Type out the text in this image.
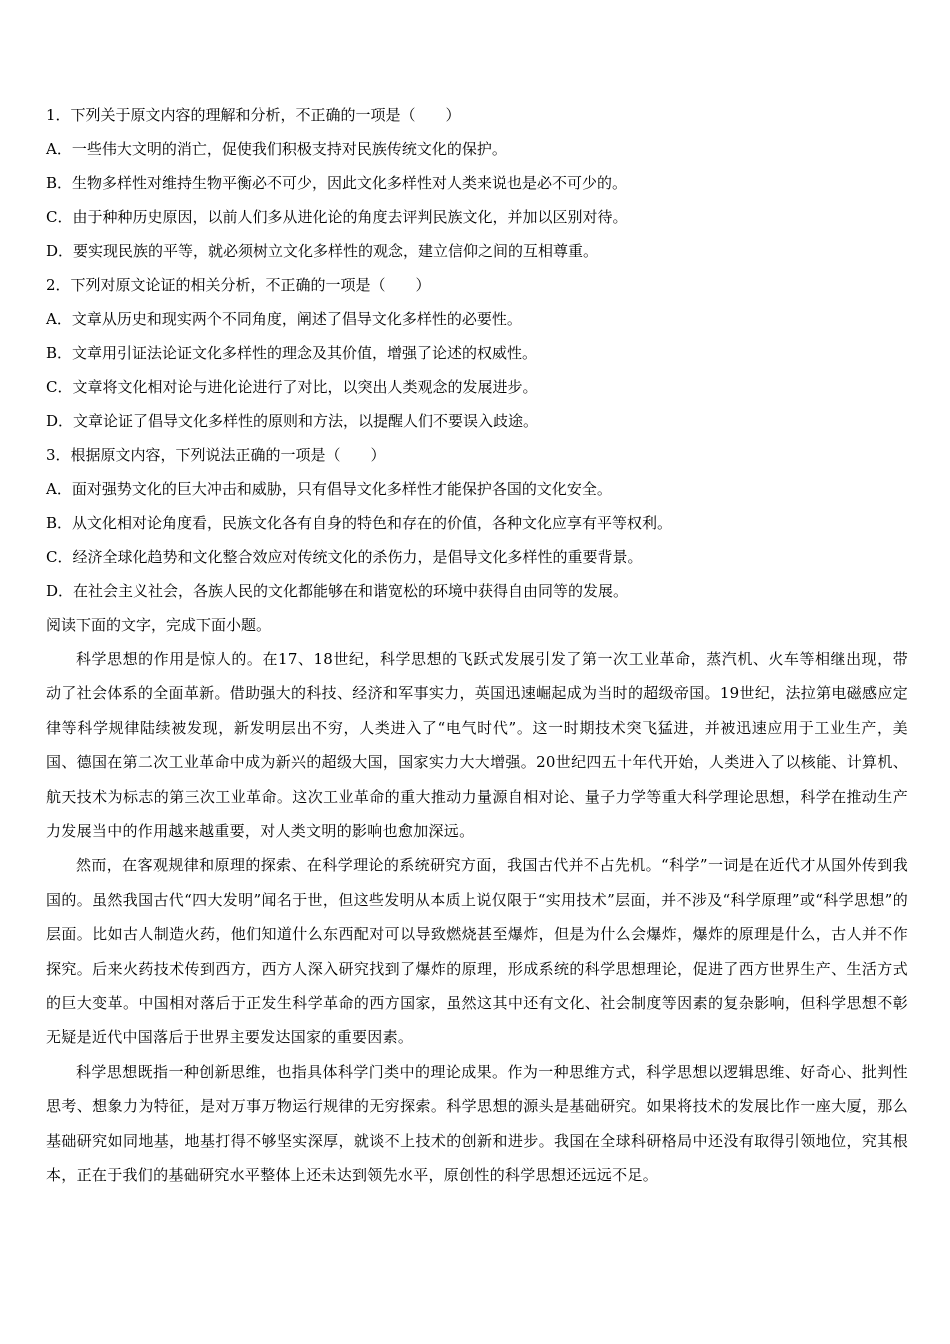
1．下列关于原文内容的理解和分析，不正确的一项是（　　）
A．一些伟大文明的消亡，促使我们积极支持对民族传统文化的保护。
B．生物多样性对维持生物平衡必不可少，因此文化多样性对人类来说也是必不可少的。
C．由于种种历史原因，以前人们多从进化论的角度去评判民族文化，并加以区别对待。
D．要实现民族的平等，就必须树立文化多样性的观念，建立信仰之间的互相尊重。
2．下列对原文论证的相关分析，不正确的一项是（　　）
A．文章从历史和现实两个不同角度，阐述了倡导文化多样性的必要性。
B．文章用引证法论证文化多样性的理念及其价值，增强了论述的权威性。
C．文章将文化相对论与进化论进行了对比，以突出人类观念的发展进步。
D．文章论证了倡导文化多样性的原则和方法，以提醒人们不要误入歧途。
3．根据原文内容，下列说法正确的一项是（　　）
A．面对强势文化的巨大冲击和威胁，只有倡导文化多样性才能保护各国的文化安全。
B．从文化相对论角度看，民族文化各有自身的特色和存在的价值，各种文化应享有平等权利。
C．经济全球化趋势和文化整合效应对传统文化的杀伤力，是倡导文化多样性的重要背景。
D．在社会主义社会，各族人民的文化都能够在和谐宽松的环境中获得自由同等的发展。
阅读下面的文字，完成下面小题。

科学思想的作用是惊人的。在17、18世纪，科学思想的飞跃式发展引发了第一次工业革命，蒸汽机、火车等相继出现，带动了社会体系的全面革新。借助强大的科技、经济和军事实力，英国迅速崛起成为当时的超级帝国。19世纪，法拉第电磁感应定律等科学规律陆续被发现，新发明层出不穷，人类进入了“电气时代”。这一时期技术突飞猛进，并被迅速应用于工业生产，美国、德国在第二次工业革命中成为新兴的超级大国，国家实力大大增强。20世纪四五十年代开始，人类进入了以核能、计算机、航天技术为标志的第三次工业革命。这次工业革命的重大推动力量源自相对论、量子力学等重大科学理论思想，科学在推动生产力发展当中的作用越来越重要，对人类文明的影响也愈加深远。

然而，在客观规律和原理的探索、在科学理论的系统研究方面，我国古代并不占先机。“科学”一词是在近代才从国外传到我国的。虽然我国古代“四大发明”闻名于世，但这些发明从本质上说仅限于“实用技术”层面，并不涉及“科学原理”或“科学思想”的层面。比如古人制造火药，他们知道什么东西配对可以导致燃烧甚至爆炸，但是为什么会爆炸，爆炸的原理是什么，古人并不作探究。后来火药技术传到西方，西方人深入研究找到了爆炸的原理，形成系统的科学思想理论，促进了西方世界生产、生活方式的巨大变革。中国相对落后于正发生科学革命的西方国家，虽然这其中还有文化、社会制度等因素的复杂影响，但科学思想不彰无疑是近代中国落后于世界主要发达国家的重要因素。

科学思想既指一种创新思维，也指具体科学门类中的理论成果。作为一种思维方式，科学思想以逻辑思维、好奇心、批判性思考、想象力为特征，是对万事万物运行规律的无穷探索。科学思想的源头是基础研究。如果将技术的发展比作一座大厦，那么基础研究如同地基，地基打得不够坚实深厚，就谈不上技术的创新和进步。我国在全球科研格局中还没有取得引领地位，究其根本，正在于我们的基础研究水平整体上还未达到领先水平，原创性的科学思想还远远不足。
